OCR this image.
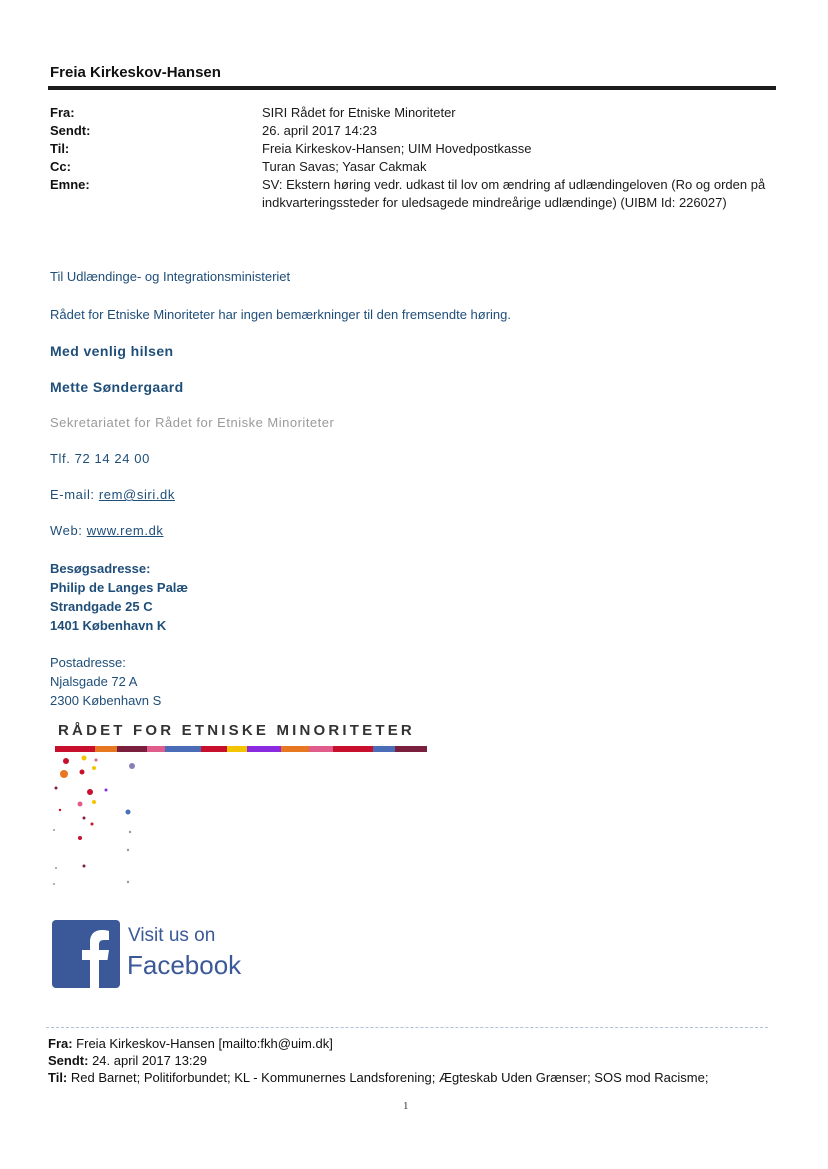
Freia Kirkeskov-Hansen
Fra:	SIRI Rådet for Etniske Minoriteter
Sendt:	26. april 2017 14:23
Til:	Freia Kirkeskov-Hansen; UIM Hovedpostkasse
Cc:	Turan Savas; Yasar Cakmak
Emne:	SV: Ekstern høring vedr. udkast til lov om ændring af udlændingeloven (Ro og orden på indkvarteringssteder for uledsagede mindreårige udlændinge) (UIBM Id: 226027)
Til Udlændinge- og Integrationsministeriet
Rådet for Etniske Minoriteter har ingen bemærkninger til den fremsendte høring.
Med venlig hilsen
Mette Søndergaard
Sekretariatet for Rådet for Etniske Minoriteter
Tlf. 72 14 24 00
E-mail: rem@siri.dk
Web: www.rem.dk
Besøgsadresse:
Philip de Langes Palæ
Strandgade 25 C
1401 København K
Postadresse:
Njalsgade 72 A
2300 København S
RÅDET FOR ETNISKE MINORITETER
Visit us on
Facebook
Fra: Freia Kirkeskov-Hansen [mailto:fkh@uim.dk]
Sendt: 24. april 2017 13:29
Til: Red Barnet; Politiforbundet; KL - Kommunernes Landsforening; Ægteskab Uden Grænser; SOS mod Racisme;
1
